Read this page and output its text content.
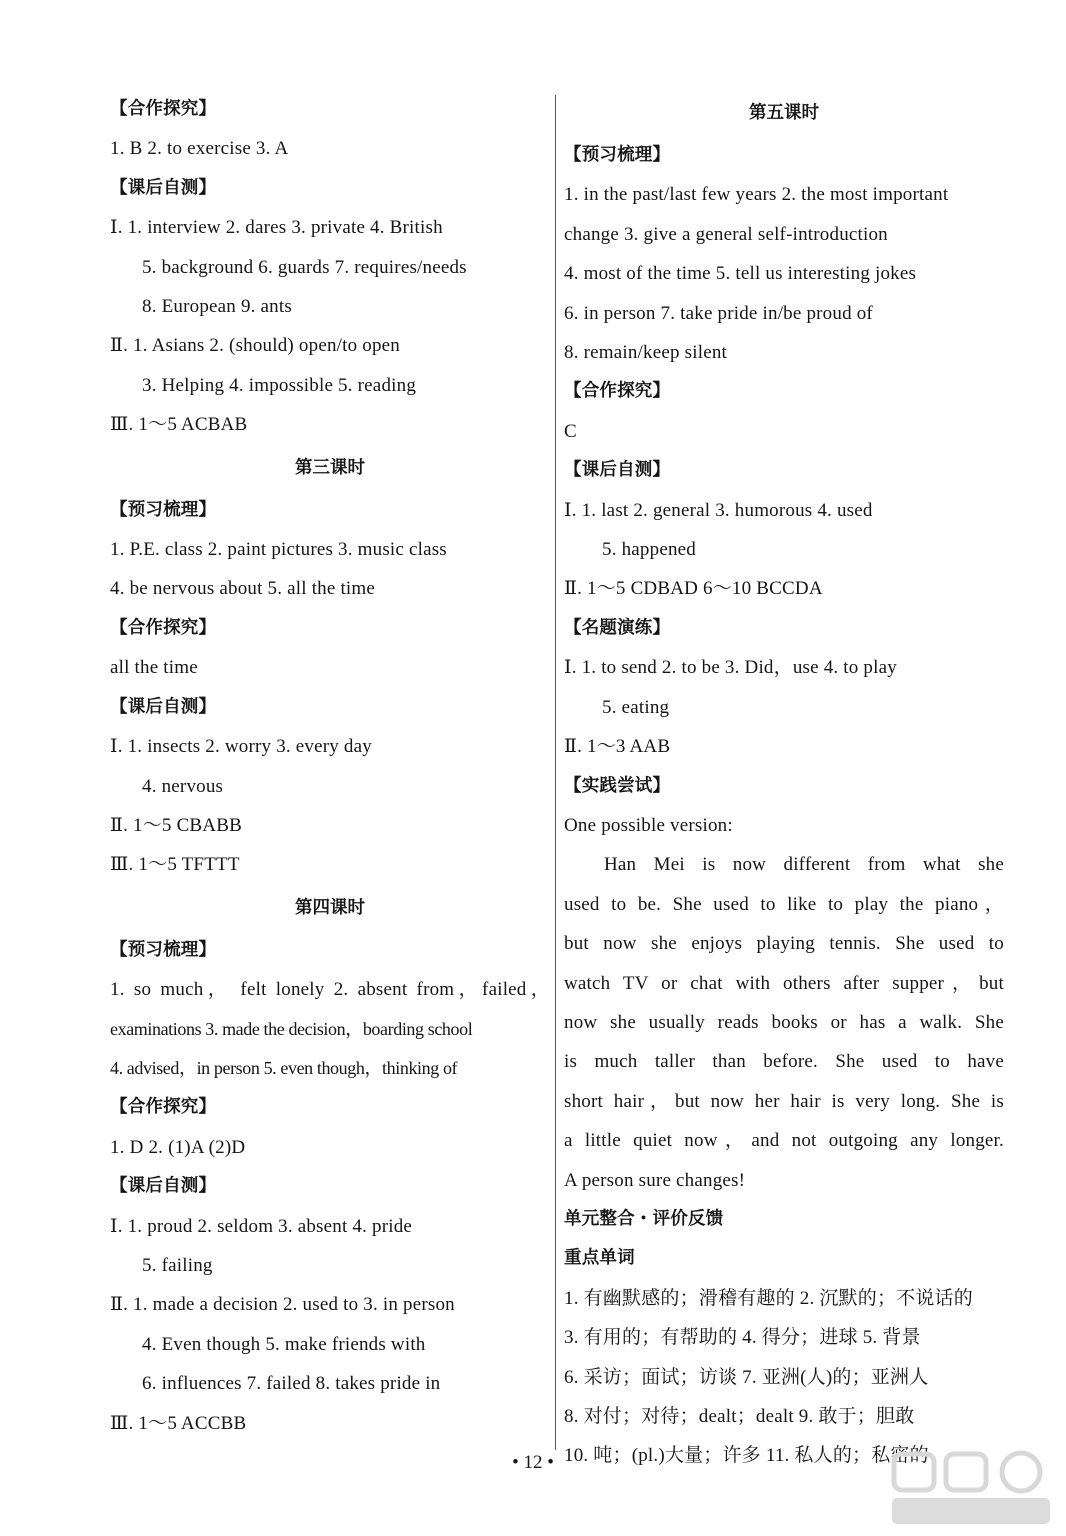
【合作探究】
1. B 2. to exercise 3. A
【课后自测】
Ⅰ. 1. interview 2. dares 3. private 4. British
5. background 6. guards 7. requires/needs
8. European 9. ants
Ⅱ. 1. Asians 2. (should) open/to open
3. Helping 4. impossible 5. reading
Ⅲ. 1～5 ACBAB
第三课时
【预习梳理】
1. P.E. class 2. paint pictures 3. music class
4. be nervous about 5. all the time
【合作探究】
all the time
【课后自测】
Ⅰ. 1. insects 2. worry 3. every day
4. nervous
Ⅱ. 1～5 CBABB
Ⅲ. 1～5 TFTTT
第四课时
【预习梳理】
1. so much， felt lonely 2. absent from，failed，
examinations 3. made the decision，boarding school
4. advised，in person 5. even though，thinking of
【合作探究】
1. D 2. (1)A (2)D
【课后自测】
Ⅰ. 1. proud 2. seldom 3. absent 4. pride
5. failing
Ⅱ. 1. made a decision 2. used to 3. in person
4. Even though 5. make friends with
6. influences 7. failed 8. takes pride in
Ⅲ. 1～5 ACCBB
第五课时
【预习梳理】
1. in the past/last few years 2. the most important
change 3. give a general self-introduction
4. most of the time 5. tell us interesting jokes
6. in person 7. take pride in/be proud of
8. remain/keep silent
【合作探究】
C
【课后自测】
Ⅰ. 1. last 2. general 3. humorous 4. used
5. happened
Ⅱ. 1～5 CDBAD 6～10 BCCDA
【名题演练】
Ⅰ. 1. to send 2. to be 3. Did，use 4. to play
5. eating
Ⅱ. 1～3 AAB
【实践尝试】
One possible version:
Han Mei is now different from what she
used to be. She used to like to play the piano，
but now she enjoys playing tennis. She used to
watch TV or chat with others after supper，but
now she usually reads books or has a walk. She
is much taller than before. She used to have
short hair，but now her hair is very long. She is
a little quiet now，and not outgoing any longer.
A person sure changes!
单元整合・评价反馈
重点单词
1. 有幽默感的；滑稽有趣的 2. 沉默的；不说话的
3. 有用的；有帮助的 4. 得分；进球 5. 背景
6. 采访；面试；访谈 7. 亚洲(人)的；亚洲人
8. 对付；对待；dealt；dealt 9. 敢于；胆敢
10. 吨；(pl.)大量；许多 11. 私人的；私密的
• 12 •
